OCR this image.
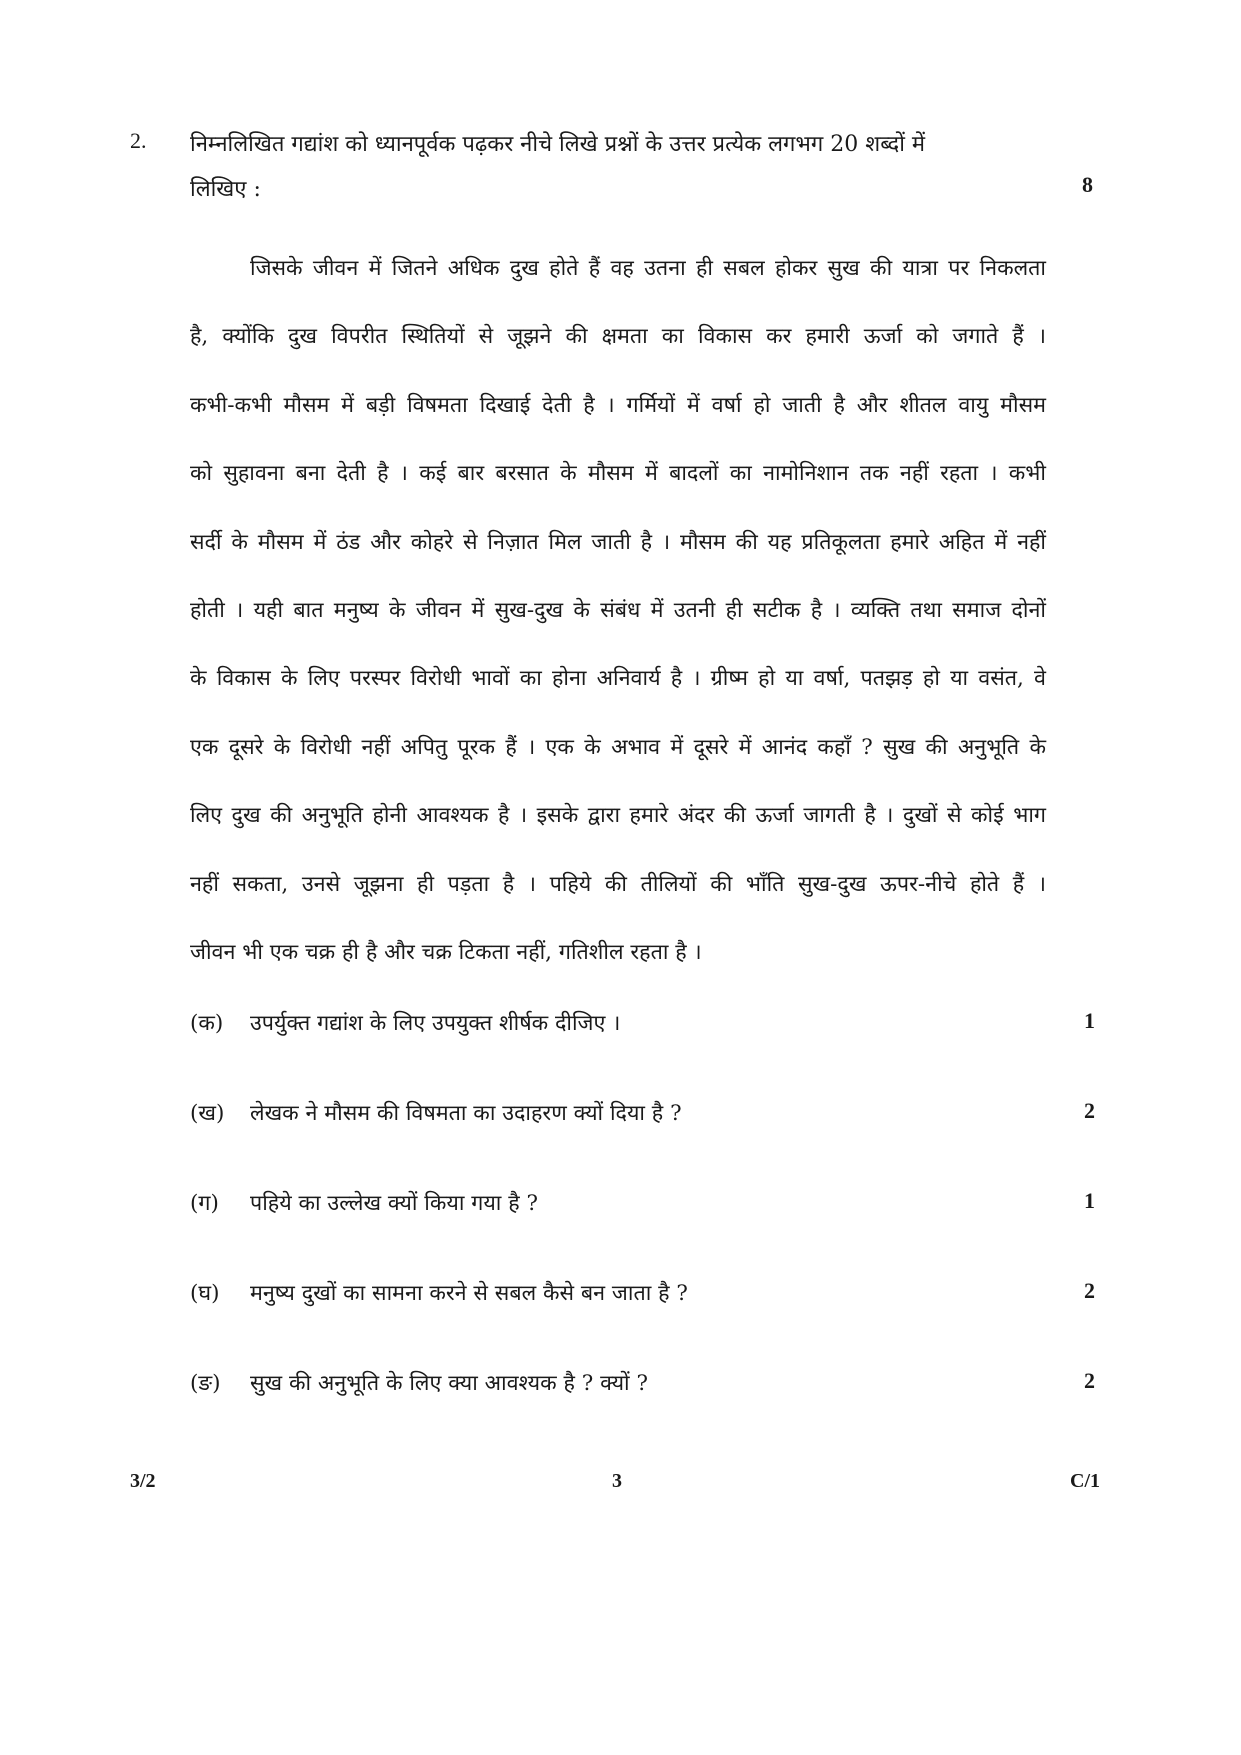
2. निम्नलिखित गद्यांश को ध्यानपूर्वक पढ़कर नीचे लिखे प्रश्नों के उत्तर प्रत्येक लगभग 20 शब्दों में
लिखिए :	8
जिसके जीवन में जितने अधिक दुख होते हैं वह उतना ही सबल होकर सुख की यात्रा पर निकलता
है, क्योंकि दुख विपरीत स्थितियों से जूझने की क्षमता का विकास कर हमारी ऊर्जा को जगाते हैं ।
कभी-कभी मौसम में बड़ी विषमता दिखाई देती है । गर्मियों में वर्षा हो जाती है और शीतल वायु मौसम
को सुहावना बना देती है । कई बार बरसात के मौसम में बादलों का नामोनिशान तक नहीं रहता । कभी
सर्दी के मौसम में ठंड और कोहरे से निज़ात मिल जाती है । मौसम की यह प्रतिकूलता हमारे अहित में नहीं
होती । यही बात मनुष्य के जीवन में सुख-दुख के संबंध में उतनी ही सटीक है । व्यक्ति तथा समाज दोनों
के विकास के लिए परस्पर विरोधी भावों का होना अनिवार्य है । ग्रीष्म हो या वर्षा, पतझड़ हो या वसंत, वे
एक दूसरे के विरोधी नहीं अपितु पूरक हैं । एक के अभाव में दूसरे में आनंद कहाँ ? सुख की अनुभूति के
लिए दुख की अनुभूति होनी आवश्यक है । इसके द्वारा हमारे अंदर की ऊर्जा जागती है । दुखों से कोई भाग
नहीं सकता, उनसे जूझना ही पड़ता है । पहिये की तीलियों की भाँति सुख-दुख ऊपर-नीचे होते हैं ।
जीवन भी एक चक्र ही है और चक्र टिकता नहीं, गतिशील रहता है ।
(क) उपर्युक्त गद्यांश के लिए उपयुक्त शीर्षक दीजिए ।	1
(ख) लेखक ने मौसम की विषमता का उदाहरण क्यों दिया है ?	2
(ग) पहिये का उल्लेख क्यों किया गया है ?	1
(घ) मनुष्य दुखों का सामना करने से सबल कैसे बन जाता है ?	2
(ङ) सुख की अनुभूति के लिए क्या आवश्यक है ? क्यों ?	2
3/2	3	C/1
